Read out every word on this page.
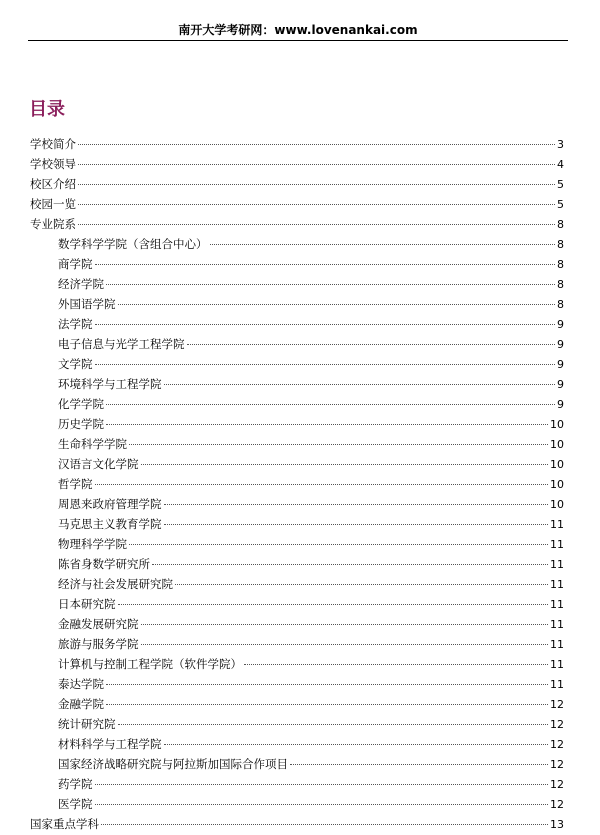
南开大学考研网：www.lovenankai.com
目录
学校简介	3
学校领导	4
校区介绍	5
校园一览	5
专业院系	8
数学科学学院（含组合中心）	8
商学院	8
经济学院	8
外国语学院	8
法学院	9
电子信息与光学工程学院	9
文学院	9
环境科学与工程学院	9
化学学院	9
历史学院	10
生命科学学院	10
汉语言文化学院	10
哲学院	10
周恩来政府管理学院	10
马克思主义教育学院	11
物理科学学院	11
陈省身数学研究所	11
经济与社会发展研究院	11
日本研究院	11
金融发展研究院	11
旅游与服务学院	11
计算机与控制工程学院（软件学院）	11
泰达学院	11
金融学院	12
统计研究院	12
材料科学与工程学院	12
国家经济战略研究院与阿拉斯加国际合作项目	12
药学院	12
医学院	12
国家重点学科	13
